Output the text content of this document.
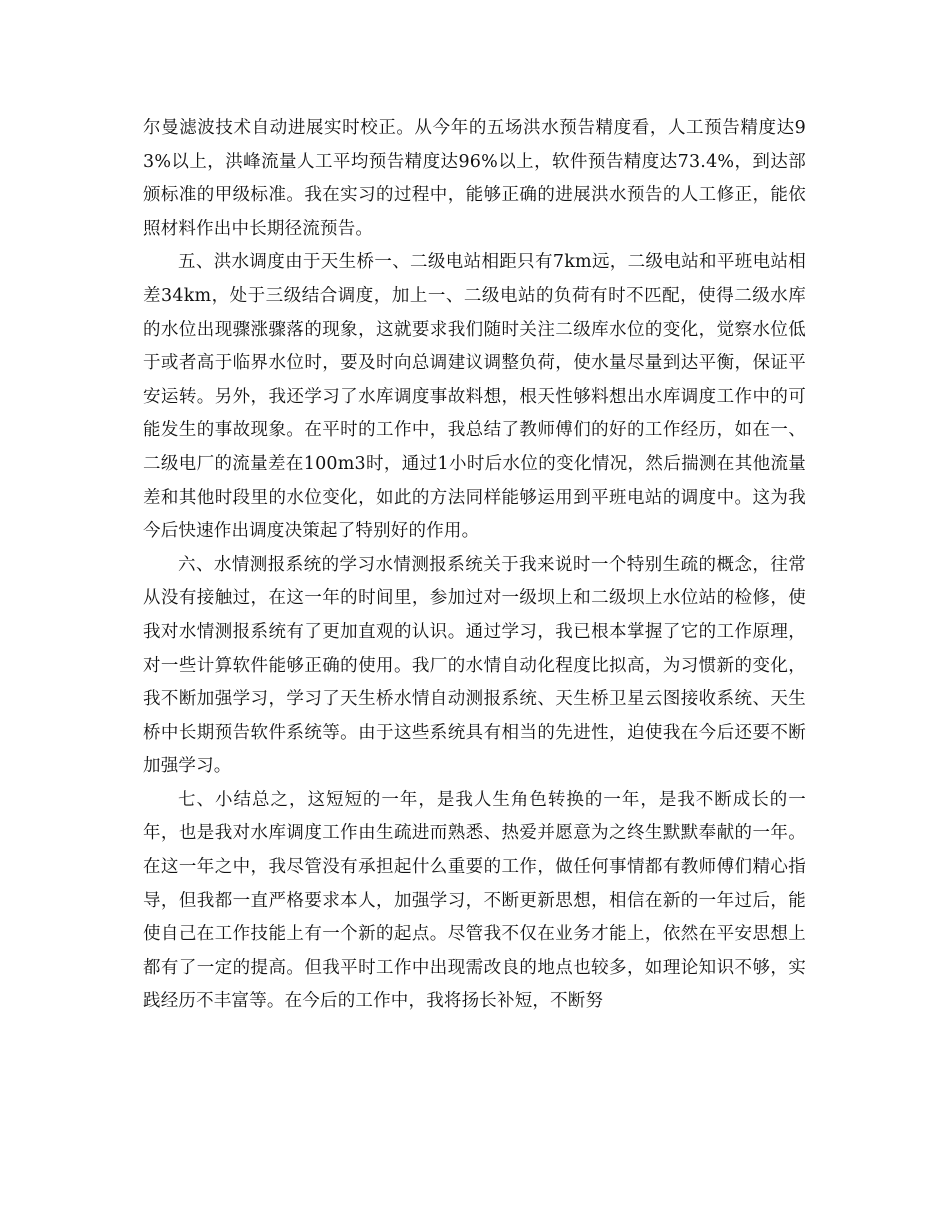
尔曼滤波技术自动进展实时校正。从今年的五场洪水预告精度看，人工预告精度达93%以上，洪峰流量人工平均预告精度达96%以上，软件预告精度达73.4%，到达部颁标准的甲级标准。我在实习的过程中，能够正确的进展洪水预告的人工修正，能依照材料作出中长期径流预告。

五、洪水调度由于天生桥一、二级电站相距只有7km远，二级电站和平班电站相差34km，处于三级结合调度，加上一、二级电站的负荷有时不匹配，使得二级水库的水位出现骤涨骤落的现象，这就要求我们随时关注二级库水位的变化，觉察水位低于或者高于临界水位时，要及时向总调建议调整负荷，使水量尽量到达平衡，保证平安运转。另外，我还学习了水库调度事故料想，根天性够料想出水库调度工作中的可能发生的事故现象。在平时的工作中，我总结了教师傅们的好的工作经历，如在一、二级电厂的流量差在100m3时，通过1小时后水位的变化情况，然后揣测在其他流量差和其他时段里的水位变化，如此的方法同样能够运用到平班电站的调度中。这为我今后快速作出调度决策起了特别好的作用。

六、水情测报系统的学习水情测报系统关于我来说时一个特别生疏的概念，往常从没有接触过，在这一年的时间里，参加过对一级坝上和二级坝上水位站的检修，使我对水情测报系统有了更加直观的认识。通过学习，我已根本掌握了它的工作原理，对一些计算软件能够正确的使用。我厂的水情自动化程度比拟高，为习惯新的变化，我不断加强学习，学习了天生桥水情自动测报系统、天生桥卫星云图接收系统、天生桥中长期预告软件系统等。由于这些系统具有相当的先进性，迫使我在今后还要不断加强学习。

七、小结总之，这短短的一年，是我人生角色转换的一年，是我不断成长的一年，也是我对水库调度工作由生疏进而熟悉、热爱并愿意为之终生默默奉献的一年。在这一年之中，我尽管没有承担起什么重要的工作，做任何事情都有教师傅们精心指导，但我都一直严格要求本人，加强学习，不断更新思想，相信在新的一年过后，能使自己在工作技能上有一个新的起点。尽管我不仅在业务才能上，依然在平安思想上都有了一定的提高。但我平时工作中出现需改良的地点也较多，如理论知识不够，实践经历不丰富等。在今后的工作中，我将扬长补短，不断努
